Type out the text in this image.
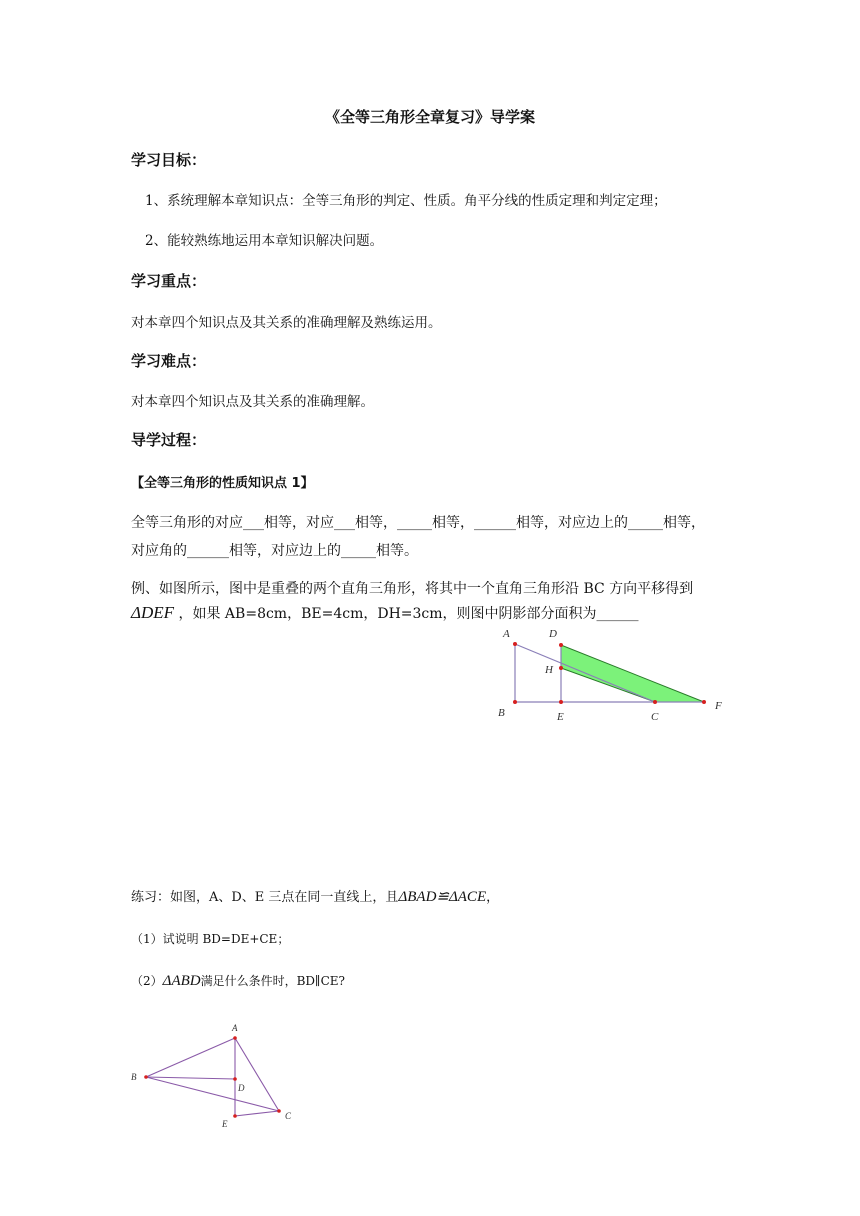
《全等三角形全章复习》导学案
学习目标：
1、系统理解本章知识点：全等三角形的判定、性质。角平分线的性质定理和判定定理；
2、能较熟练地运用本章知识解决问题。
学习重点：
对本章四个知识点及其关系的准确理解及熟练运用。
学习难点：
对本章四个知识点及其关系的准确理解。
导学过程：
【全等三角形的性质知识点 1】
全等三角形的对应___相等，对应___相等，_____相等，______相等，对应边上的_____相等，
对应角的______相等，对应边上的_____相等。
例、如图所示，图中是重叠的两个直角三角形，将其中一个直角三角形沿 BC 方向平移得到
ΔDEF ，如果 AB=8cm，BE=4cm，DH=3cm，则图中阴影部分面积为______
A	D
H
B	E	C
F
练习：如图，A、D、E 三点在同一直线上，且ΔBAD≌ΔACE，
（1）试说明 BD=DE+CE；
（2）ΔABD满足什么条件时，BD∥CE?
A
B
D
E
C
